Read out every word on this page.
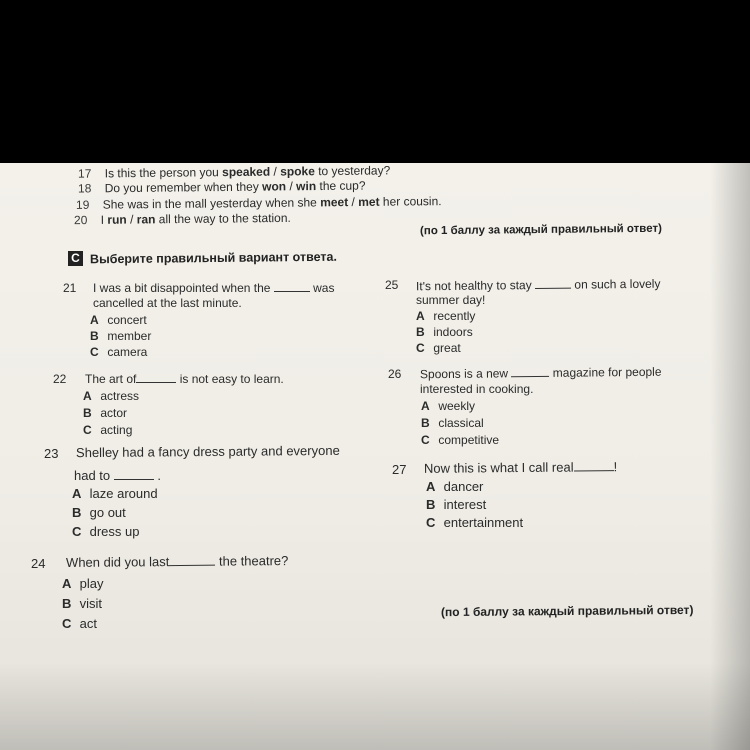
17 Is this the person you speaked / spoke to yesterday?
18 Do you remember when they won / win the cup?
19 She was in the mall yesterday when she meet / met her cousin.
20 I run / ran all the way to the station.
(по 1 баллу за каждый правильный ответ)
C Выберите правильный вариант ответа.
21 I was a bit disappointed when the	was
cancelled at the last minute.
A concert
B member
C camera
25 It's not healthy to stay	on such a lovely
summer day!
A recently
B indoors
C great
22 The art of	is not easy to learn.
A actress
B actor
C acting
26 Spoons is a new	magazine for people
interested in cooking.
A weekly
B classical
C competitive
23 Shelley had a fancy dress party and everyone
had to	.
A laze around
B go out
C dress up
27 Now this is what I call real	!
A dancer
B interest
C entertainment
24 When did you last	the theatre?
A play
B visit
C act
(по 1 баллу за каждый правильный ответ)
